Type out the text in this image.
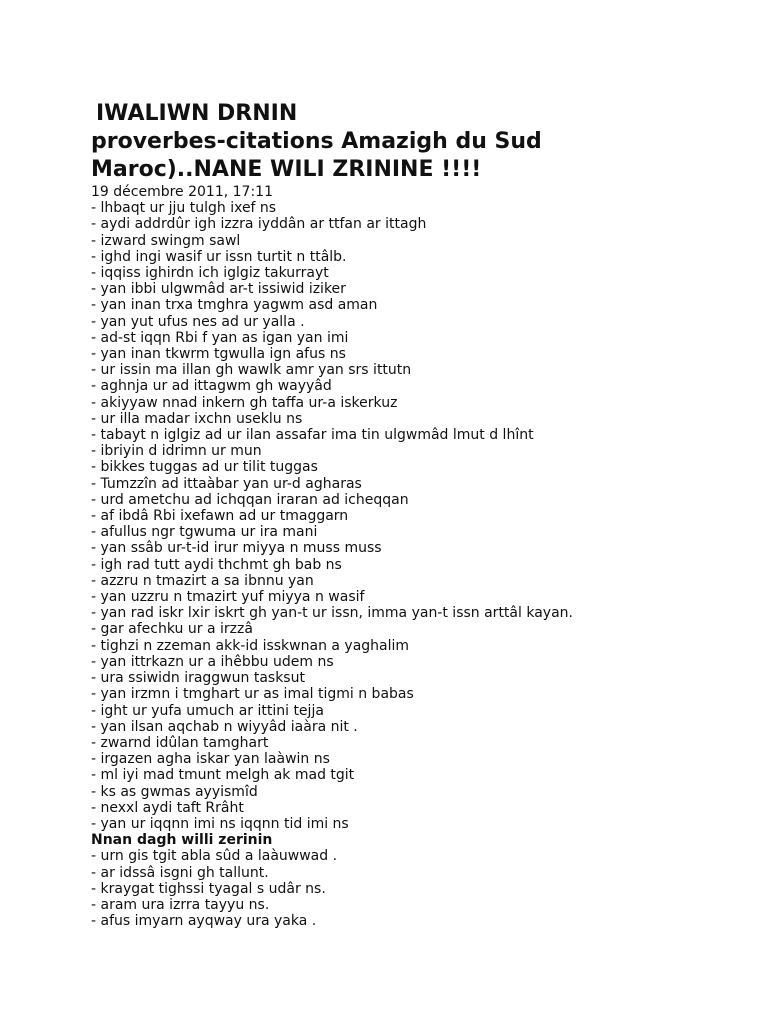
IWALIWN DRNIN
proverbes-citations Amazigh du Sud
Maroc)..NANE WILI ZRININE !!!!

19 décembre 2011, 17:11

- lhbaqt ur jju tulgh ixef ns
- aydi addrdûr igh izzra iyddân ar ttfan ar ittagh
- izward swingm sawl
- ighd ingi wasif ur issn turtit n ttâlb.
- iqqiss ighirdn ich iglgiz takurrayt
- yan ibbi ulgwmâd ar-t issiwid iziker
- yan inan trxa tmghra yagwm asd aman
- yan yut ufus nes ad ur yalla .
- ad-st iqqn Rbi f yan as igan yan imi
- yan inan tkwrm tgwulla ign afus ns
- ur issin ma illan gh wawlk amr yan srs ittutn
- aghnja ur ad ittagwm gh wayyâd
- akiyyaw nnad inkern gh taffa ur-a iskerkuz
- ur illa madar ixchn useklu ns
- tabayt n iglgiz ad ur ilan assafar ima tin ulgwmâd lmut d lhînt
- ibriyin d idrimn ur mun
- bikkes tuggas ad ur tilit tuggas
- Tumzzîn ad ittaàbar yan ur-d agharas
- urd ametchu ad ichqqan iraran ad icheqqan
- af ibdâ Rbi ixefawn ad ur tmaggarn
- afullus ngr tgwuma ur ira mani
- yan ssâb ur-t-id irur miyya n muss muss
- igh rad tutt aydi thchmt gh bab ns
- azzru n tmazirt a sa ibnnu yan
- yan uzzru n tmazirt yuf miyya n wasif
- yan rad iskr lxir iskrt gh yan-t ur issn, imma yan-t issn arttâl kayan.
- gar afechku ur a irzzâ
- tighzi n zzeman akk-id isskwnan a yaghalim
- yan ittrkazn ur a ihêbbu udem ns
- ura ssiwidn iraggwun tasksut
- yan irzmn i tmghart ur as imal tigmi n babas
- ight ur yufa umuch ar ittini tejja
- yan ilsan aqchab n wiyyâd iaàra nit .
- zwarnd idûlan tamghart
- irgazen agha iskar yan laàwin ns
- ml iyi mad tmunt melgh ak mad tgit
- ks as gwmas ayyismîd
- nexxl aydi taft Rrâht
- yan ur iqqnn imi ns iqqnn tid imi ns

Nnan dagh willi zerinin

- urn gis tgit abla sûd a laàuwwad .
- ar idssâ isgni gh tallunt.
- kraygat tighssi tyagal s udâr ns.
- aram ura izrra tayyu ns.
- afus imyarn ayqway ura yaka .
